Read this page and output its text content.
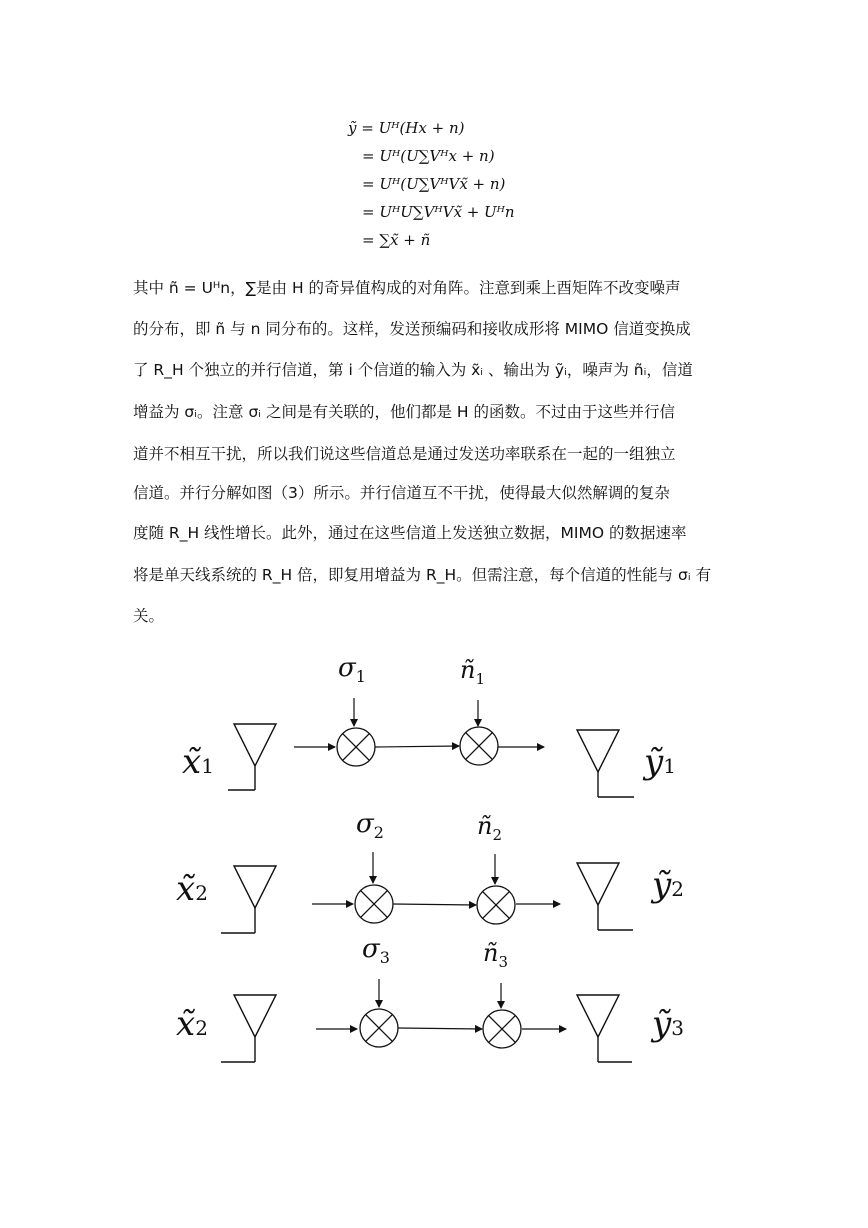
ỹ = Uᴴ(Hx + n)
= Uᴴ(U∑Vᴴx + n)
= Uᴴ(U∑VᴴVx̃ + n)
= UᴴU∑VᴴVx̃ + Uᴴn
= ∑x̃ + ñ
其中 ñ = Uᴴn，∑是由 H 的奇异值构成的对角阵。注意到乘上酉矩阵不改变噪声
的分布，即 ñ 与 n 同分布的。这样，发送预编码和接收成形将 MIMO 信道变换成
了 R_H 个独立的并行信道，第 i 个信道的输入为 x̃ᵢ 、输出为 ỹᵢ，噪声为 ñᵢ，信道
增益为 σᵢ。注意 σᵢ 之间是有关联的，他们都是 H 的函数。不过由于这些并行信
道并不相互干扰，所以我们说这些信道总是通过发送功率联系在一起的一组独立
信道。并行分解如图（3）所示。并行信道互不干扰，使得最大似然解调的复杂
度随 R_H 线性增长。此外，通过在这些信道上发送独立数据，MIMO 的数据速率
将是单天线系统的 R_H 倍，即复用增益为 R_H。但需注意，每个信道的性能与 σᵢ 有
关。
x̃1
$\sigma_1$	$ñ_1$
ỹ1
x̃2
$\sigma_2$	$ñ_2$
ỹ2
x̃2
$\sigma_3$	$ñ_3$
ỹ3
